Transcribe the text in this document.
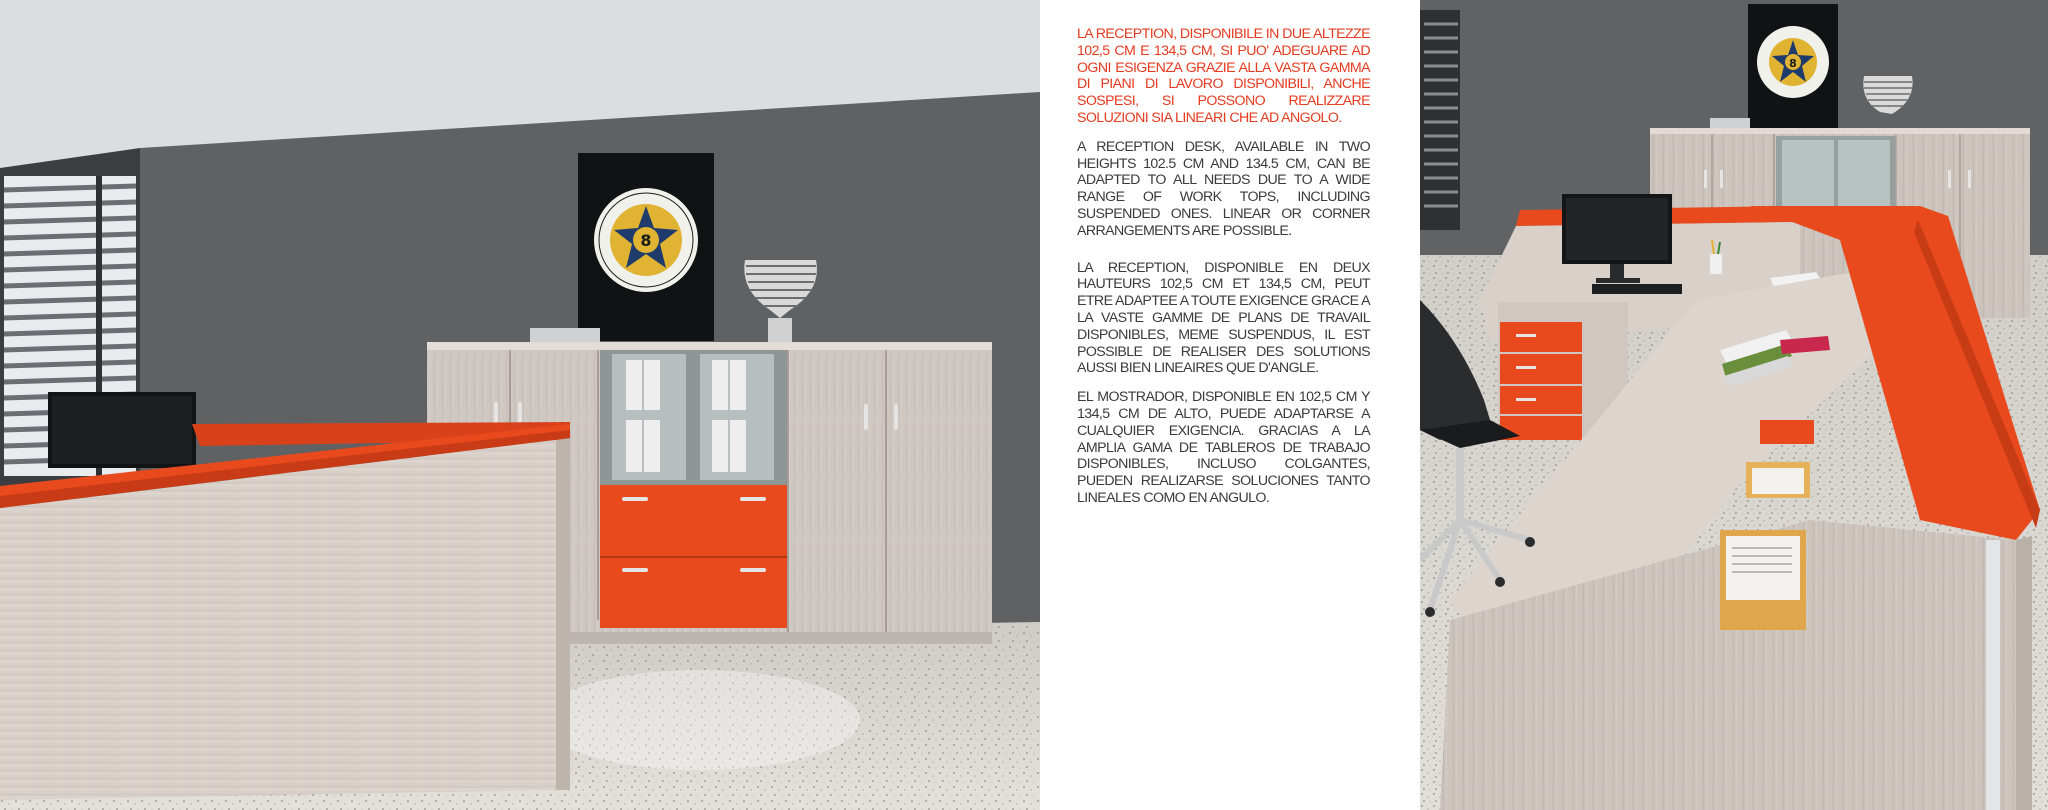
8

LA RECEPTION, DISPONIBILE IN DUE ALTEZZE 102,5 CM E 134,5 CM, SI PUO' ADEGUARE AD OGNI ESIGENZA GRAZIE ALLA VASTA GAMMA DI PIANI DI LAVORO DISPONIBILI, ANCHE SOSPESI, SI POSSONO REALIZZARE SOLUZIONI SIA LINEARI CHE AD ANGOLO.

A RECEPTION DESK, AVAILABLE IN TWO HEIGHTS 102.5 CM AND 134.5 CM, CAN BE ADAPTED TO ALL NEEDS DUE TO A WIDE RANGE OF WORK TOPS, INCLUDING SUSPENDED ONES. LINEAR OR CORNER ARRANGEMENTS ARE POSSIBLE.

LA RECEPTION, DISPONIBLE EN DEUX HAUTEURS 102,5 CM ET 134,5 CM, PEUT ETRE ADAPTEE A TOUTE EXIGENCE GRACE A LA VASTE GAMME DE PLANS DE TRAVAIL DISPONIBLES, MEME SUSPENDUS, IL EST POSSIBLE DE REALISER DES SOLUTIONS AUSSI BIEN LINEAIRES QUE D'ANGLE.

EL MOSTRADOR, DISPONIBLE EN 102,5 CM Y 134,5 CM DE ALTO, PUEDE ADAPTARSE A CUALQUIER EXIGENCIA. GRACIAS A LA AMPLIA GAMA DE TABLEROS DE TRABAJO DISPONIBLES, INCLUSO COLGANTES, PUEDEN REALIZARSE SOLUCIONES TANTO LINEALES COMO EN ANGULO.

8
